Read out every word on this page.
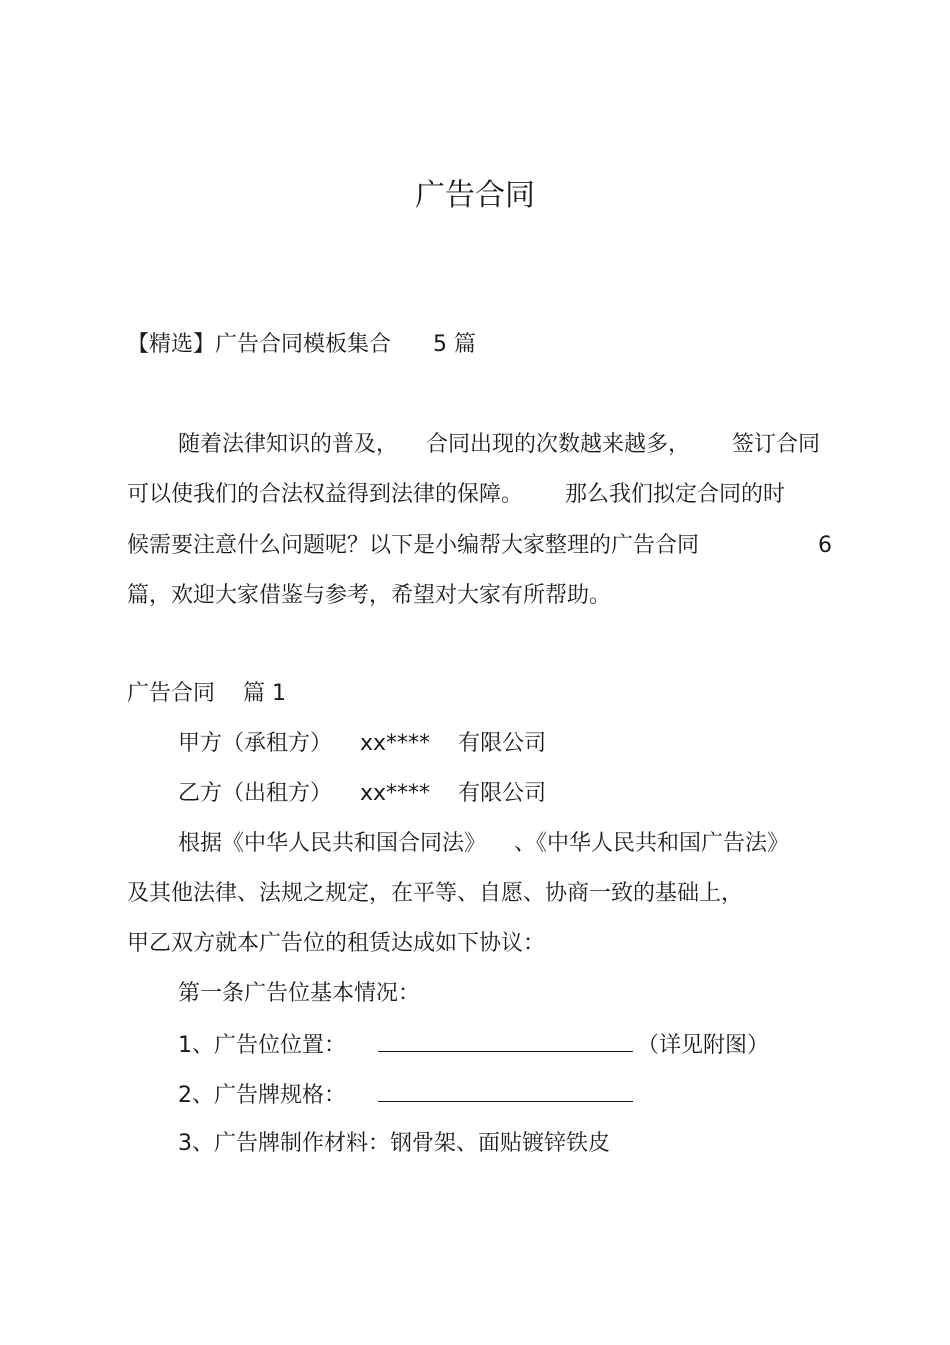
广告合同
【精选】广告合同模板集合 5 篇
随着法律知识的普及， 合同出现的次数越来越多， 签订合同
可以使我们的合法权益得到法律的保障。 那么我们拟定合同的时
候需要注意什么问题呢？以下是小编帮大家整理的广告合同	6
篇，欢迎大家借鉴与参考，希望对大家有所帮助。
广告合同 篇 1
甲方（承租方） xx**** 有限公司
乙方（出租方） xx**** 有限公司
根据《中华人民共和国合同法》 、《中华人民共和国广告法》
及其他法律、法规之规定，在平等、自愿、协商一致的基础上，
甲乙双方就本广告位的租赁达成如下协议：
第一条广告位基本情况：
1、广告位位置：	（详见附图）
2、广告牌规格：
3、广告牌制作材料：钢骨架、面贴镀锌铁皮
